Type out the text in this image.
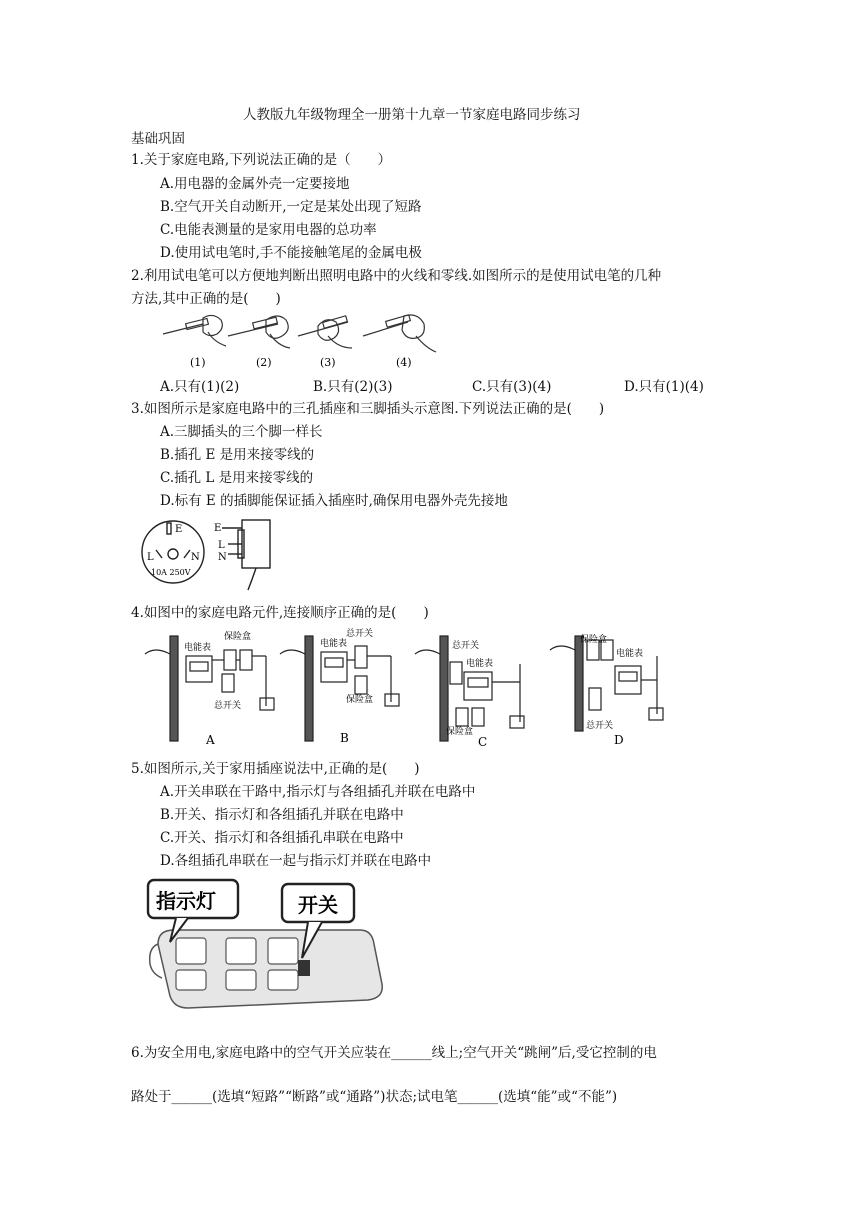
人教版九年级物理全一册第十九章一节家庭电路同步练习
基础巩固
1.关于家庭电路,下列说法正确的是（　　）
A.用电器的金属外壳一定要接地
B.空气开关自动断开,一定是某处出现了短路
C.电能表测量的是家用电器的总功率
D.使用试电笔时,手不能接触笔尾的金属电极
2.利用试电笔可以方便地判断出照明电路中的火线和零线.如图所示的是使用试电笔的几种
方法,其中正确的是(　　)
(1)	(2)	(3)	(4)
A.只有(1)(2)	B.只有(2)(3)	C.只有(3)(4)	D.只有(1)(4)
3.如图所示是家庭电路中的三孔插座和三脚插头示意图.下列说法正确的是(　　)
A.三脚插头的三个脚一样长
B.插孔 E 是用来接零线的
C.插孔 L 是用来接零线的
D.标有 E 的插脚能保证插入插座时,确保用电器外壳先接地
E
L	N
10A 250V
E
L
N
4.如图中的家庭电路元件,连接顺序正确的是(　　)
电能表
保险盒
总开关
A
电能表
总开关
保险盒
B
总开关
电能表
保险盒
C
保险盒
电能表
总开关
D
5.如图所示,关于家用插座说法中,正确的是(　　)
A.开关串联在干路中,指示灯与各组插孔并联在电路中
B.开关、指示灯和各组插孔并联在电路中
C.开关、指示灯和各组插孔串联在电路中
D.各组插孔串联在一起与指示灯并联在电路中
指示灯	开关
6.为安全用电,家庭电路中的空气开关应装在______线上;空气开关“跳闸”后,受它控制的电
路处于______(选填“短路”“断路”或“通路”)状态;试电笔______(选填“能”或“不能”)
